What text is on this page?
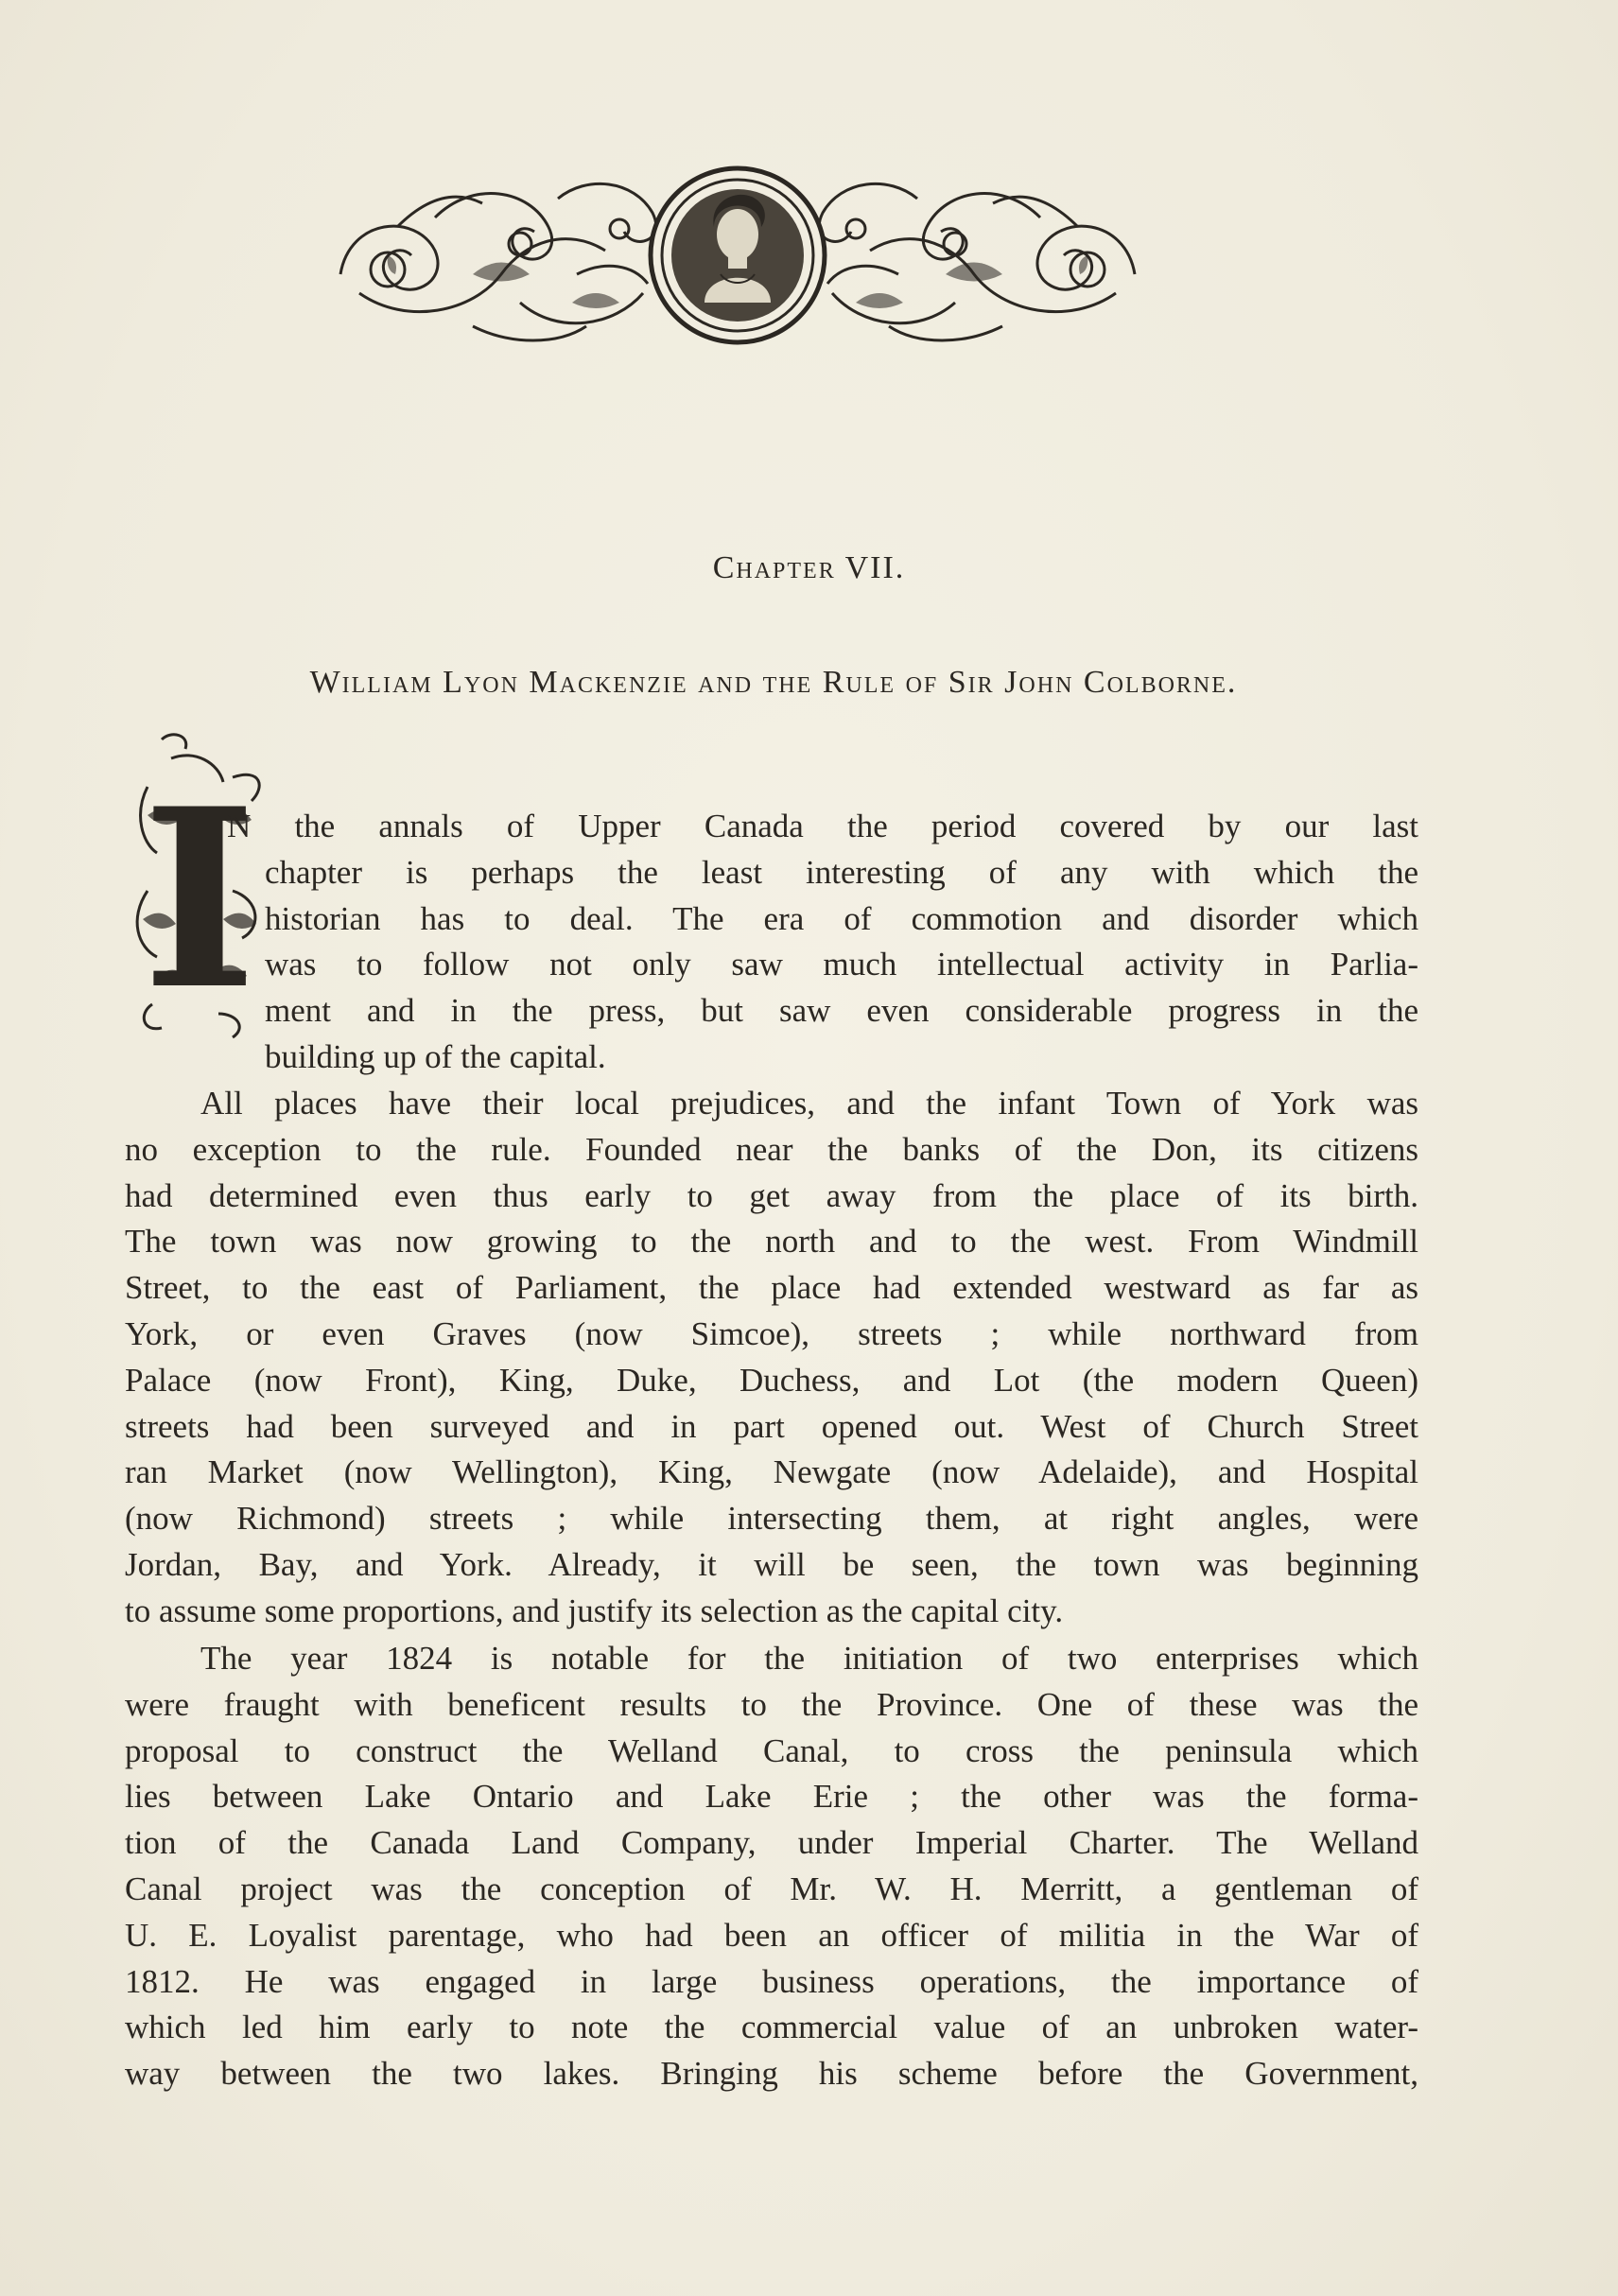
Chapter VII.
William Lyon Mackenzie and the Rule of Sir John Colborne.
I
N the annals of Upper Canada the period covered by our last
chapter is perhaps the least interesting of any with which the
historian has to deal. The era of commotion and disorder which
was to follow not only saw much intellectual activity in Parlia-
ment and in the press, but saw even considerable progress in the
building up of the capital.
All places have their local prejudices, and the infant Town of York was
no exception to the rule. Founded near the banks of the Don, its citizens
had determined even thus early to get away from the place of its birth.
The town was now growing to the north and to the west. From Windmill
Street, to the east of Parliament, the place had extended westward as far as
York, or even Graves (now Simcoe), streets ; while northward from
Palace (now Front), King, Duke, Duchess, and Lot (the modern Queen)
streets had been surveyed and in part opened out. West of Church Street
ran Market (now Wellington), King, Newgate (now Adelaide), and Hospital
(now Richmond) streets ; while intersecting them, at right angles, were
Jordan, Bay, and York. Already, it will be seen, the town was beginning
to assume some proportions, and justify its selection as the capital city.
The year 1824 is notable for the initiation of two enterprises which
were fraught with beneficent results to the Province. One of these was the
proposal to construct the Welland Canal, to cross the peninsula which
lies between Lake Ontario and Lake Erie ; the other was the forma-
tion of the Canada Land Company, under Imperial Charter. The Welland
Canal project was the conception of Mr. W. H. Merritt, a gentleman of
U. E. Loyalist parentage, who had been an officer of militia in the War of
1812. He was engaged in large business operations, the importance of
which led him early to note the commercial value of an unbroken water-
way between the two lakes. Bringing his scheme before the Government,
